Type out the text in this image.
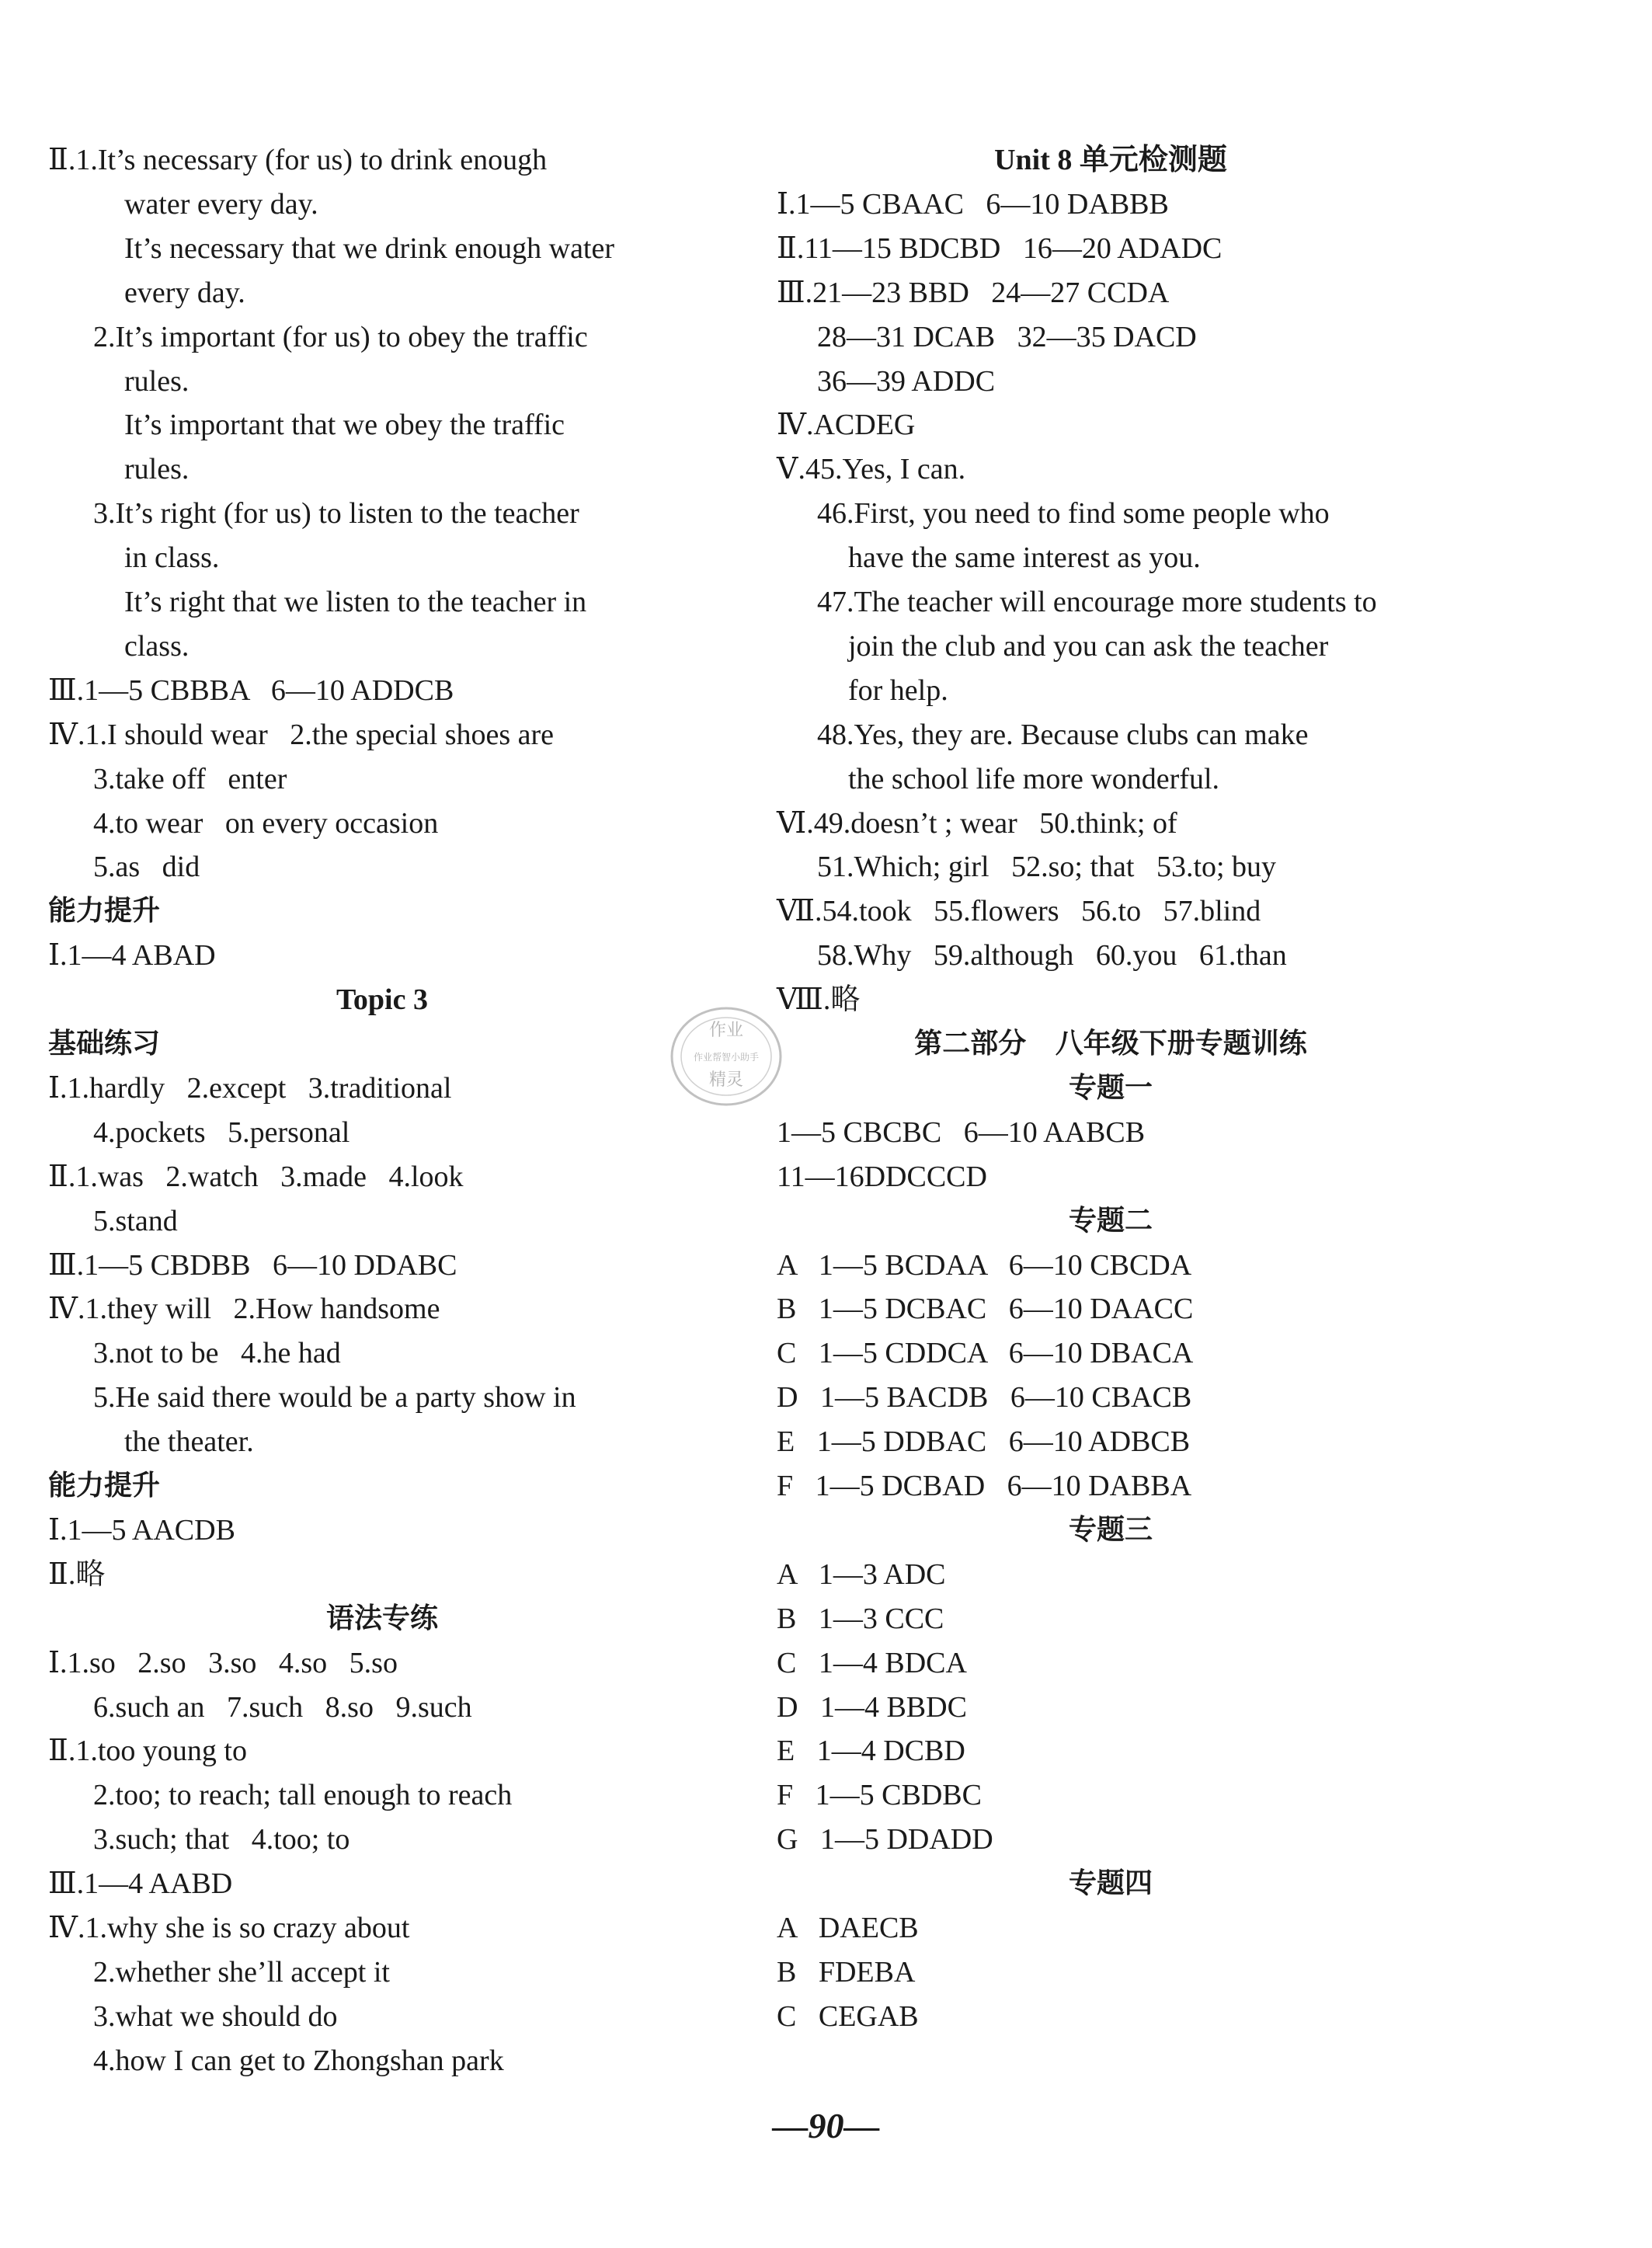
Ⅱ.1.It’s necessary (for us) to drink enough
water every day.
It’s necessary that we drink enough water
every day.
2.It’s important (for us) to obey the traffic
rules.
It’s important that we obey the traffic
rules.
3.It’s right (for us) to listen to the teacher
in class.
It’s right that we listen to the teacher in
class.
Ⅲ.1—5 CBBBA   6—10 ADDCB
Ⅳ.1.I should wear   2.the special shoes are
3.take off   enter
4.to wear   on every occasion
5.as   did
能力提升
Ⅰ.1—4 ABAD
Topic 3
基础练习
Ⅰ.1.hardly   2.except   3.traditional
4.pockets   5.personal
Ⅱ.1.was   2.watch   3.made   4.look
5.stand
Ⅲ.1—5 CBDBB   6—10 DDABC
Ⅳ.1.they will   2.How handsome
3.not to be   4.he had
5.He said there would be a party show in
the theater.
能力提升
Ⅰ.1—5 AACDB
Ⅱ.略
语法专练
Ⅰ.1.so   2.so   3.so   4.so   5.so
6.such an   7.such   8.so   9.such
Ⅱ.1.too young to
2.too; to reach; tall enough to reach
3.such; that   4.too; to
Ⅲ.1—4 AABD
Ⅳ.1.why she is so crazy about
2.whether she’ll accept it
3.what we should do
4.how I can get to Zhongshan park
Unit 8 单元检测题
Ⅰ.1—5 CBAAC   6—10 DABBB
Ⅱ.11—15 BDCBD   16—20 ADADC
Ⅲ.21—23 BBD   24—27 CCDA
28—31 DCAB   32—35 DACD
36—39 ADDC
Ⅳ.ACDEG
Ⅴ.45.Yes, I can.
46.First, you need to find some people who
have the same interest as you.
47.The teacher will encourage more students to
join the club and you can ask the teacher
for help.
48.Yes, they are. Because clubs can make
the school life more wonderful.
Ⅵ.49.doesn’t ; wear   50.think; of
51.Which; girl   52.so; that   53.to; buy
Ⅶ.54.took   55.flowers   56.to   57.blind
58.Why   59.although   60.you   61.than
Ⅷ.略
第二部分   八年级下册专题训练
专题一
1—5 CBCBC   6—10 AABCB
11—16DDCCCD
专题二
A   1—5 BCDAA   6—10 CBCDA
B   1—5 DCBAC   6—10 DAACC
C   1—5 CDDCA   6—10 DBACA
D   1—5 BACDB   6—10 CBACB
E   1—5 DDBAC   6—10 ADBCB
F   1—5 DCBAD   6—10 DABBA
专题三
A   1—3 ADC
B   1—3 CCC
C   1—4 BDCA
D   1—4 BBDC
E   1—4 DCBD
F   1—5 CBDBC
G   1—5 DDADD
专题四
A   DAECB
B   FDEBA
C   CEGAB
作业
作业帮智小助手
精灵
—90—
